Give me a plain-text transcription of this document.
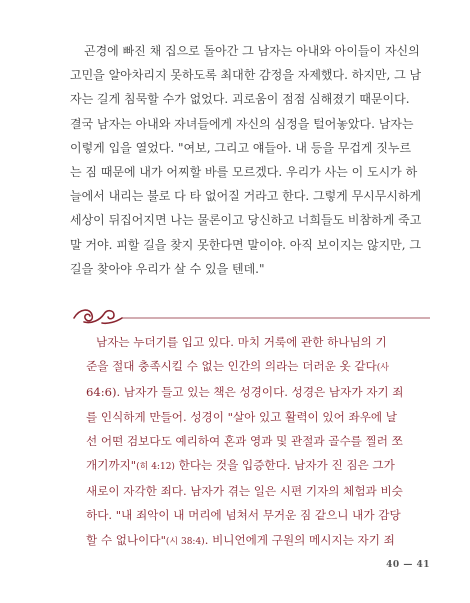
곤경에 빠진 채 집으로 돌아간 그 남자는 아내와 아이들이 자신의
고민을 알아차리지 못하도록 최대한 감정을 자제했다. 하지만, 그 남
자는 길게 침묵할 수가 없었다. 괴로움이 점점 심해졌기 때문이다.
결국 남자는 아내와 자녀들에게 자신의 심정을 털어놓았다. 남자는
이렇게 입을 열었다. "여보, 그리고 얘들아. 내 등을 무겁게 짓누르
는 짐 때문에 내가 어찌할 바를 모르겠다. 우리가 사는 이 도시가 하
늘에서 내리는 불로 다 타 없어질 거라고 한다. 그렇게 무시무시하게
세상이 뒤집어지면 나는 물론이고 당신하고 너희들도 비참하게 죽고
말 거야. 피할 길을 찾지 못한다면 말이야. 아직 보이지는 않지만, 그
길을 찾아야 우리가 살 수 있을 텐데."
남자는 누더기를 입고 있다. 마치 거룩에 관한 하나님의 기
준을 절대 충족시킬 수 없는 인간의 의라는 더러운 옷 같다(사
64:6). 남자가 들고 있는 책은 성경이다. 성경은 남자가 자기 죄
를 인식하게 만들어. 성경이 "살아 있고 활력이 있어 좌우에 날
선 어떤 검보다도 예리하여 혼과 영과 및 관절과 골수를 찔러 쪼
개기까지"(히 4:12) 한다는 것을 입증한다. 남자가 진 짐은 그가
새로이 자각한 죄다. 남자가 겪는 일은 시편 기자의 체험과 비슷
하다. "내 죄악이 내 머리에 넘쳐서 무거운 짐 같으니 내가 감당
할 수 없나이다"(시 38:4). 비니언에게 구원의 메시지는 자기 죄
40 — 41
